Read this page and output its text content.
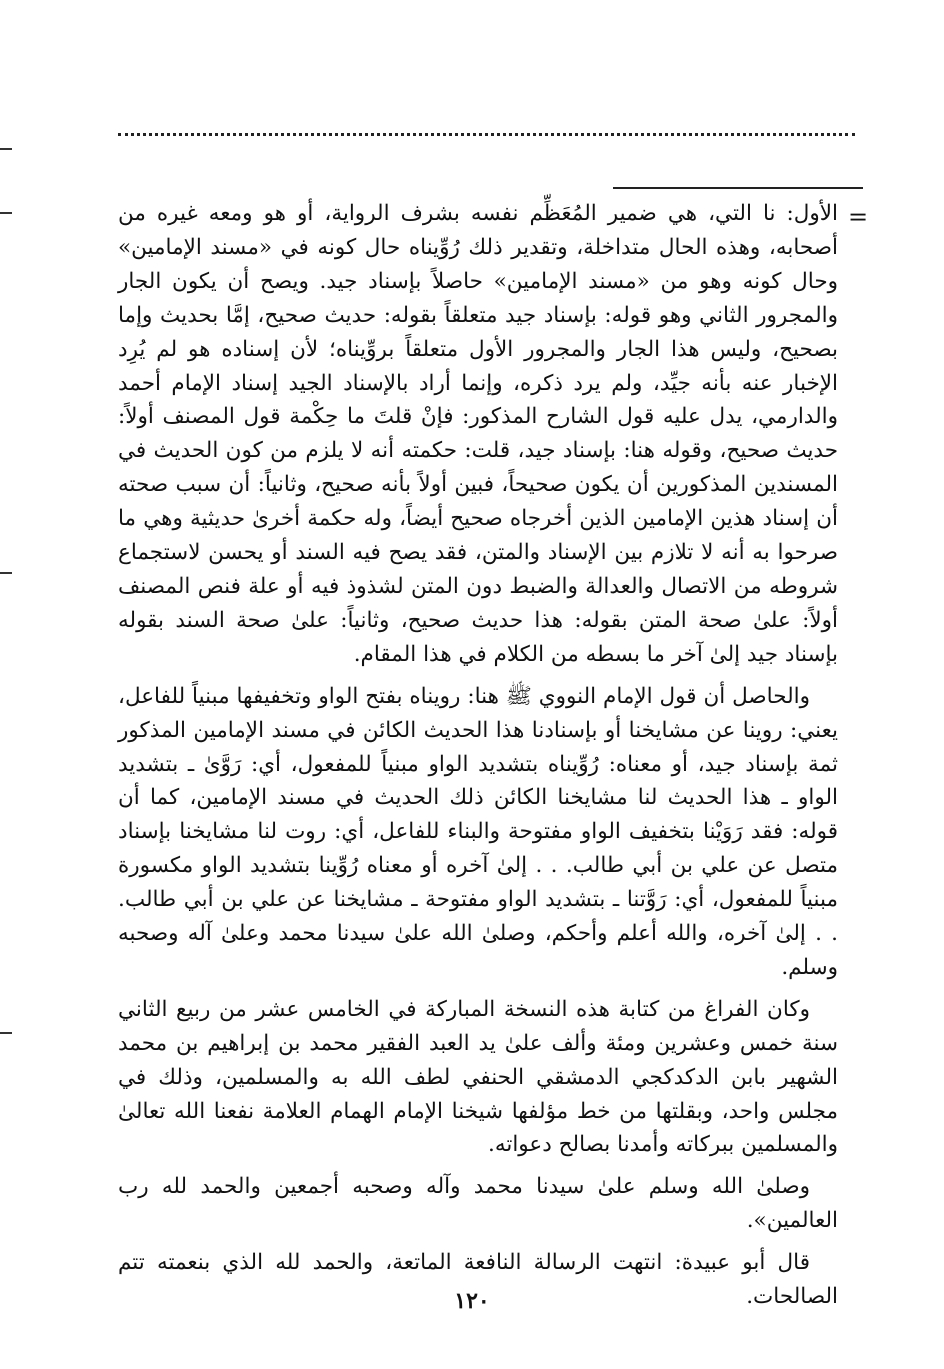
=

الأول: نا التي، هي ضمير المُعَظِّم نفسه بشرف الرواية، أو هو ومعه غيره من أصحابه، وهذه الحال متداخلة، وتقدير ذلك رُوِّيناه حال كونه في «مسند الإمامين» وحال كونه وهو من «مسند الإمامين» حاصلاً بإسناد جيد. ويصح أن يكون الجار والمجرور الثاني وهو قوله: بإسناد جيد متعلقاً بقوله: حديث صحيح، إمَّا بحديث وإما بصحيح، وليس هذا الجار والمجرور الأول متعلقاً بروِّيناه؛ لأن إسناده هو لم يُرِد الإخبار عنه بأنه جيِّد، ولم يرد ذكره، وإنما أراد بالإسناد الجيد إسناد الإمام أحمد والدارمي، يدل عليه قول الشارح المذكور: فإنْ قلتَ ما حِكْمة قول المصنف أولاً: حديث صحيح، وقوله هنا: بإسناد جيد، قلت: حكمته أنه لا يلزم من كون الحديث في المسندين المذكورين أن يكون صحيحاً، فبين أولاً بأنه صحيح، وثانياً: أن سبب صحته أن إسناد هذين الإمامين الذين أخرجاه صحيح أيضاً، وله حكمة أخرىٰ حديثية وهي ما صرحوا به أنه لا تلازم بين الإسناد والمتن، فقد يصح فيه السند أو يحسن لاستجماع شروطه من الاتصال والعدالة والضبط دون المتن لشذوذ فيه أو علة فنص المصنف أولاً: علىٰ صحة المتن بقوله: هذا حديث صحيح، وثانياً: علىٰ صحة السند بقوله بإسناد جيد إلىٰ آخر ما بسطه من الكلام في هذا المقام.

والحاصل أن قول الإمام النووي ﷺ هنا: رويناه بفتح الواو وتخفيفها مبنياً للفاعل، يعني: روينا عن مشايخنا أو بإسنادنا هذا الحديث الكائن في مسند الإمامين المذكور ثمة بإسناد جيد، أو معناه: رُوِّيناه بتشديد الواو مبنياً للمفعول، أي: رَوَّىٰ ـ بتشديد الواو ـ هذا الحديث لنا مشايخنا الكائن ذلك الحديث في مسند الإمامين، كما أن قوله: فقد رَوَيْنا بتخفيف الواو مفتوحة والبناء للفاعل، أي: روت لنا مشايخنا بإسناد متصل عن علي بن أبي طالب. . . إلىٰ آخره أو معناه رُوِّينا بتشديد الواو مكسورة مبنياً للمفعول، أي: رَوَّتنا ـ بتشديد الواو مفتوحة ـ مشايخنا عن علي بن أبي طالب. . . إلىٰ آخره، والله أعلم وأحكم، وصلىٰ الله علىٰ سيدنا محمد وعلىٰ آله وصحبه وسلم.

وكان الفراغ من كتابة هذه النسخة المباركة في الخامس عشر من ربيع الثاني سنة خمس وعشرين ومئة وألف علىٰ يد العبد الفقير محمد بن إبراهيم بن محمد الشهير بابن الدكدكجي الدمشقي الحنفي لطف الله به والمسلمين، وذلك في مجلس واحد، وبقلتها من خط مؤلفها شيخنا الإمام الهمام العلامة نفعنا الله تعالىٰ والمسلمين ببركاته وأمدنا بصالح دعواته.

وصلىٰ الله وسلم علىٰ سيدنا محمد وآله وصحبه أجمعين والحمد لله رب العالمين».

قال أبو عبيدة: انتهت الرسالة النافعة الماتعة، والحمد لله الذي بنعمته تتم الصالحات.

١٢٠
